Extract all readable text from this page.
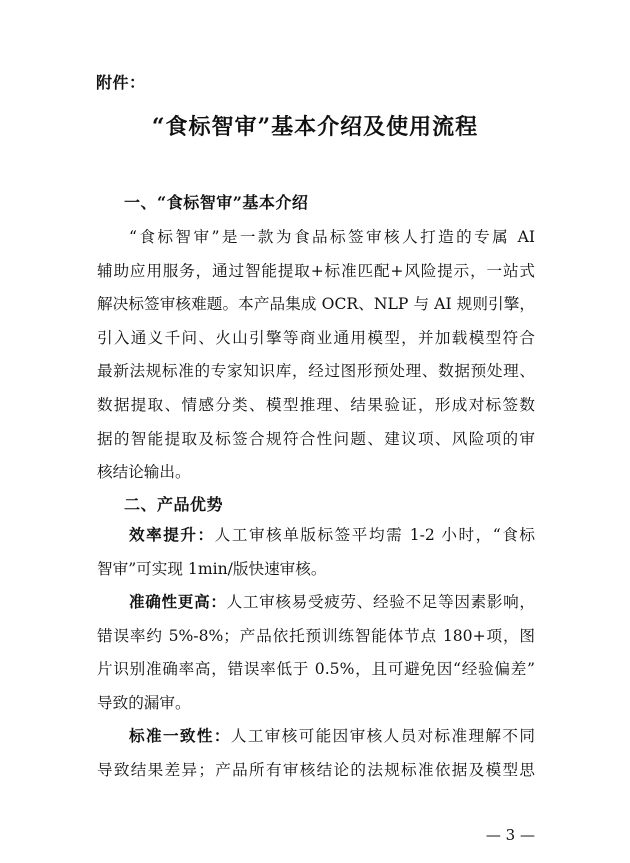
附件：
“食标智审”基本介绍及使用流程
一、“食标智审”基本介绍
“食标智审”是一款为食品标签审核人打造的专属 AI
辅助应用服务，通过智能提取+标准匹配+风险提示，一站式
解决标签审核难题。本产品集成 OCR、NLP 与 AI 规则引擎，
引入通义千问、火山引擎等商业通用模型，并加载模型符合
最新法规标准的专家知识库，经过图形预处理、数据预处理、
数据提取、情感分类、模型推理、结果验证，形成对标签数
据的智能提取及标签合规符合性问题、建议项、风险项的审
核结论输出。
二、产品优势
效率提升：人工审核单版标签平均需 1-2 小时，“食标
智审”可实现 1min/版快速审核。
准确性更高：人工审核易受疲劳、经验不足等因素影响，
错误率约 5%-8%；产品依托预训练智能体节点 180+项，图
片识别准确率高，错误率低于 0.5%，且可避免因“经验偏差”
导致的漏审。
标准一致性：人工审核可能因审核人员对标准理解不同
导致结果差异；产品所有审核结论的法规标准依据及模型思
— 3 —
